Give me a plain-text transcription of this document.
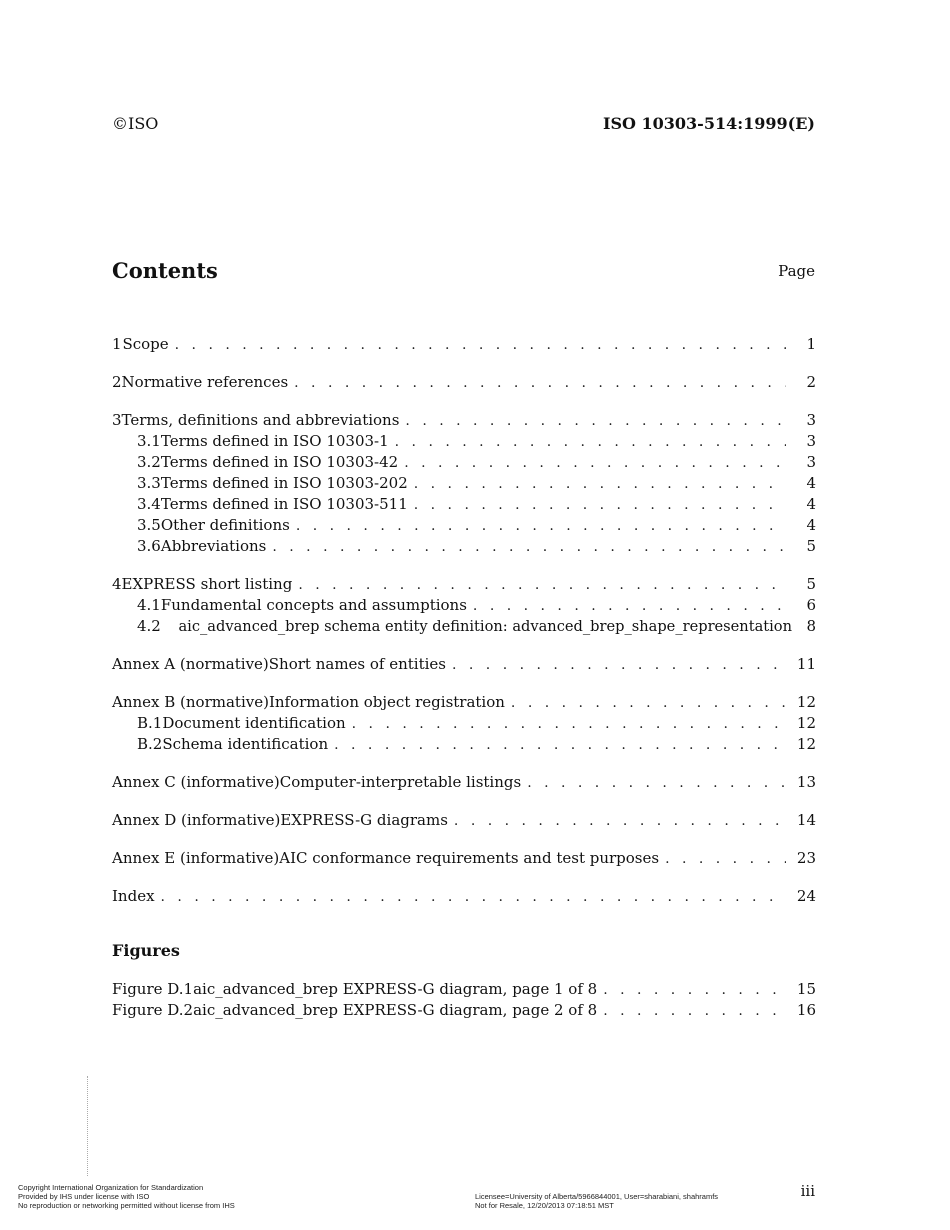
©ISO	ISO 10303-514:1999(E)
Contents	Page
1 Scope . . .	1
2 Normative references . . .	2
3 Terms, definitions and abbreviations . . .	3
3.1 Terms defined in ISO 10303-1 . . .	3
3.2 Terms defined in ISO 10303-42 . . .	3
3.3 Terms defined in ISO 10303-202 . . .	4
3.4 Terms defined in ISO 10303-511 . . .	4
3.5 Other definitions . . .	4
3.6 Abbreviations . . .	5
4 EXPRESS short listing . . .	5
4.1 Fundamental concepts and assumptions . . .	6
4.2	aic_advanced_brep schema entity definition: advanced_brep_shape_representation 8
Annex A (normative) Short names of entities . . .	11
Annex B (normative) Information object registration . . .	12
B.1 Document identification . . .	12
B.2 Schema identification . . .	12
Annex C (informative) Computer-interpretable listings . . .	13
Annex D (informative) EXPRESS-G diagrams . . .	14
Annex E (informative) AIC conformance requirements and test purposes . . .	23
Index . . .	24
Figures
Figure D.1 aic_advanced_brep EXPRESS-G diagram, page 1 of 8 . . .	15
Figure D.2 aic_advanced_brep EXPRESS-G diagram, page 2 of 8 . . .	16
Copyright International Organization for Standardization
Provided by IHS under license with ISO
No reproduction or networking permitted without license from IHS
Licensee=University of Alberta/5966844001, User=sharabiani, shahramfs
Not for Resale, 12/20/2013 07:18:51 MST
iii
